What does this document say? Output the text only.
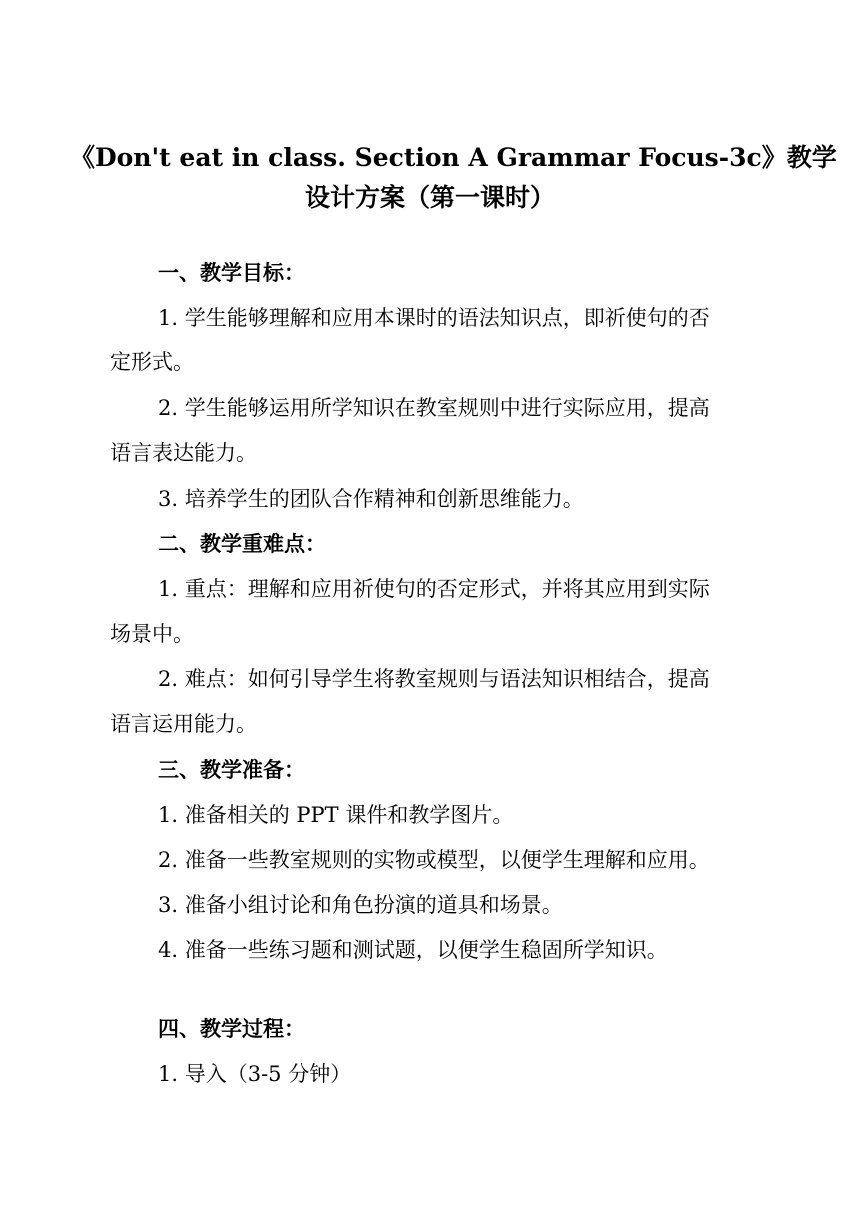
《Don't eat in class. Section A Grammar Focus-3c》教学
设计方案（第一课时）
一、教学目标：
1. 学生能够理解和应用本课时的语法知识点，即祈使句的否
定形式。
2. 学生能够运用所学知识在教室规则中进行实际应用，提高
语言表达能力。
3. 培养学生的团队合作精神和创新思维能力。
二、教学重难点：
1. 重点：理解和应用祈使句的否定形式，并将其应用到实际
场景中。
2. 难点：如何引导学生将教室规则与语法知识相结合，提高
语言运用能力。
三、教学准备：
1. 准备相关的 PPT 课件和教学图片。
2. 准备一些教室规则的实物或模型，以便学生理解和应用。
3. 准备小组讨论和角色扮演的道具和场景。
4. 准备一些练习题和测试题，以便学生稳固所学知识。
四、教学过程：
1. 导入（3-5 分钟）
